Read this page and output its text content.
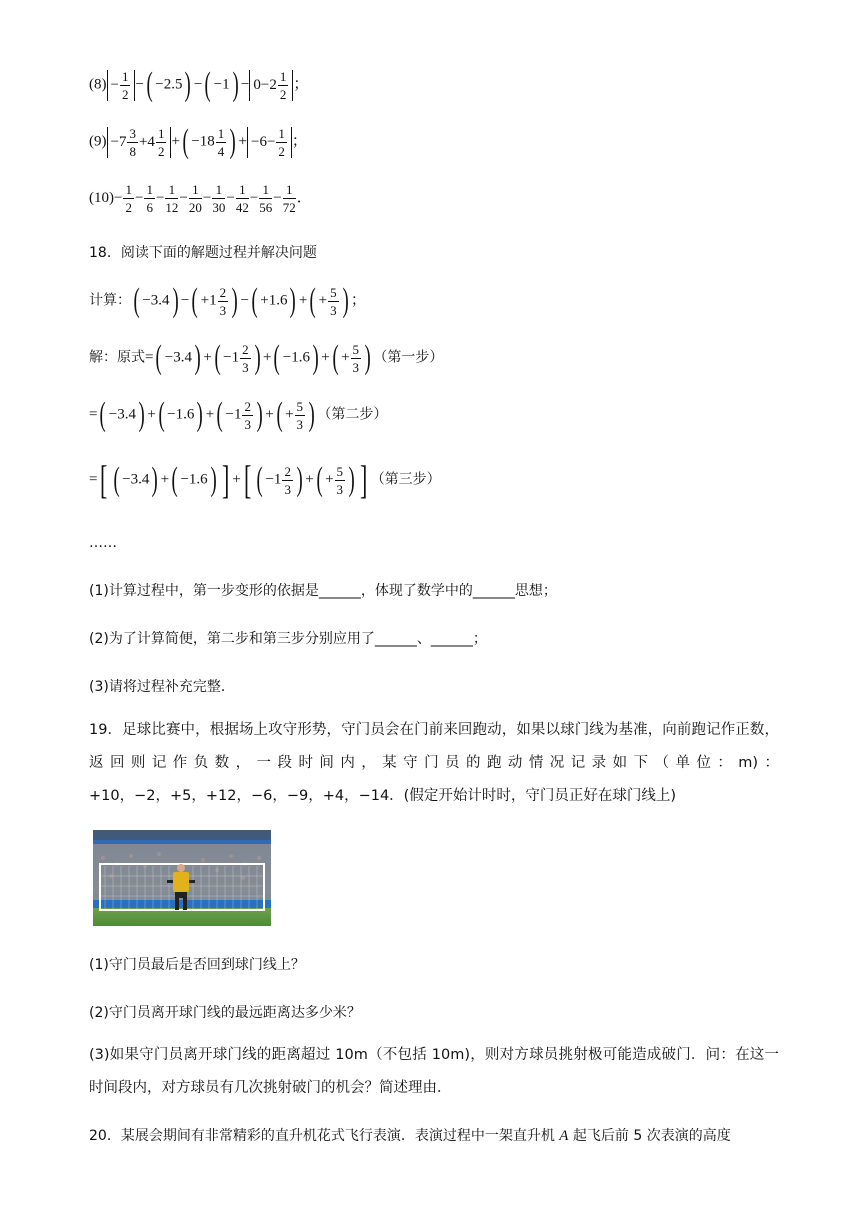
$(8) - \frac{1}{2}$ −( −2.5) −( $-1) - 0-2 \frac{1}{2}$ ；
$(9) -7 \frac{3}{8} +4 \frac{1}{2}$ +( $-18 \frac{1}{4}$ ) + $-6- \frac{1}{2}$ ；
$(10)- \frac{1}{2} - \frac{1}{6} - \frac{1}{12} - \frac{1}{20} - \frac{1}{30} - \frac{1}{42} - \frac{1}{56} - \frac{1}{72}$ ．
18．阅读下面的解题过程并解决问题
计算：( −3.4) −( $+1 \frac{2}{3}$ ) −( +1.6) +( + $\frac{5}{3}$ ) ；
解：原式=( −3.4) +( $-1 \frac{2}{3}$ ) +( −1.6) +( + $\frac{5}{3}$ ) （第一步）
=( −3.4) +( −1.6) +( $-1 \frac{2}{3}$ ) +( + $\frac{5}{3}$ ) （第二步）
=[ ( −3.4) +( −1.6) ] +[ ( $-1 \frac{2}{3}$ ) +( + $\frac{5}{3}$ ) ] （第三步）
……
(1)计算过程中，第一步变形的依据是______，体现了数学中的______思想；
(2)为了计算简便，第二步和第三步分别应用了______、______；
(3)请将过程补充完整．
19．足球比赛中，根据场上攻守形势，守门员会在门前来回跑动，如果以球门线为基准，向前跑记作正数，返回则记作负数，一段时间内，某守门员的跑动情况记录如下（单位：m)：+10，−2，+5，+12，−6，−9，+4，−14．(假定开始计时时，守门员正好在球门线上)
(1)守门员最后是否回到球门线上？
(2)守门员离开球门线的最远距离达多少米？
(3)如果守门员离开球门线的距离超过 10m（不包括 10m)，则对方球员挑射极可能造成破门．问：在这一时间段内，对方球员有几次挑射破门的机会？简述理由．
20．某展会期间有非常精彩的直升机花式飞行表演．表演过程中一架直升机 A 起飞后前 5 次表演的高度
